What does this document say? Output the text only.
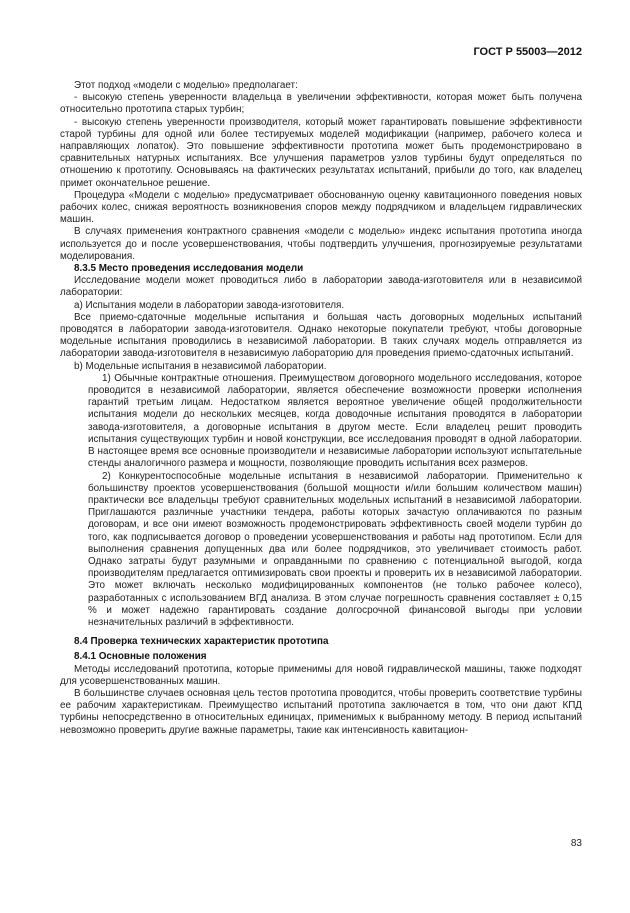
ГОСТ Р 55003—2012

Этот подход «модели с моделью» предполагает:

- высокую степень уверенности владельца в увеличении эффективности, которая может быть получена относительно прототипа старых турбин;

- высокую степень уверенности производителя, который может гарантировать повышение эффективности старой турбины для одной или более тестируемых моделей модификации (например, рабочего колеса и направляющих лопаток). Это повышение эффективности прототипа может быть продемонстрировано в сравнительных натурных испытаниях. Все улучшения параметров узлов турбины будут определяться по отношению к прототипу. Основываясь на фактических результатах испытаний, прибыли до того, как владелец примет окончательное решение.

Процедура «Модели с моделью» предусматривает обоснованную оценку кавитационного поведения новых рабочих колес, снижая вероятность возникновения споров между подрядчиком и владельцем гидравлических машин.

В случаях применения контрактного сравнения «модели с моделью» индекс испытания прототипа иногда используется до и после усовершенствования, чтобы подтвердить улучшения, прогнозируемые результатами моделирования.

8.3.5 Место проведения исследования модели

Исследование модели может проводиться либо в лаборатории завода-изготовителя или в независимой лаборатории:

а) Испытания модели в лаборатории завода-изготовителя.

Все приемо-сдаточные модельные испытания и большая часть договорных модельных испытаний проводятся в лаборатории завода-изготовителя. Однако некоторые покупатели требуют, чтобы договорные модельные испытания проводились в независимой лаборатории. В таких случаях модель отправляется из лаборатории завода-изготовителя в независимую лабораторию для проведения приемо-сдаточных испытаний.

b) Модельные испытания в независимой лаборатории.

1) Обычные контрактные отношения. Преимуществом договорного модельного исследования, которое проводится в независимой лаборатории, является обеспечение возможности проверки исполнения гарантий третьим лицам. Недостатком является вероятное увеличение общей продолжительности испытания модели до нескольких месяцев, когда доводочные испытания проводятся в лаборатории завода-изготовителя, а договорные испытания в другом месте. Если владелец решит проводить испытания существующих турбин и новой конструкции, все исследования проводят в одной лаборатории. В настоящее время все основные производители и независимые лаборатории используют испытательные стенды аналогичного размера и мощности, позволяющие проводить испытания всех размеров.

2) Конкурентоспособные модельные испытания в независимой лаборатории. Применительно к большинству проектов усовершенствования (большой мощности и/или большим количеством машин) практически все владельцы требуют сравнительных модельных испытаний в независимой лаборатории. Приглашаются различные участники тендера, работы которых зачастую оплачиваются по разным договорам, и все они имеют возможность продемонстрировать эффективность своей модели турбин до того, как подписывается договор о проведении усовершенствования и работы над прототипом. Если для выполнения сравнения допущенных два или более подрядчиков, это увеличивает стоимость работ. Однако затраты будут разумными и оправданными по сравнению с потенциальной выгодой, когда производителям предлагается оптимизировать свои проекты и проверить их в независимой лаборатории. Это может включать несколько модифицированных компонентов (не только рабочее колесо), разработанных с использованием ВГД анализа. В этом случае погрешность сравнения составляет ± 0,15 % и может надежно гарантировать создание долгосрочной финансовой выгоды при условии незначительных различий в эффективности.

8.4 Проверка технических характеристик прототипа

8.4.1 Основные положения

Методы исследований прототипа, которые применимы для новой гидравлической машины, также подходят для усовершенствованных машин.

В большинстве случаев основная цель тестов прототипа проводится, чтобы проверить соответствие турбины ее рабочим характеристикам. Преимущество испытаний прототипа заключается в том, что они дают КПД турбины непосредственно в относительных единицах, применимых к выбранному методу. В период испытаний невозможно проверить другие важные параметры, такие как интенсивность кавитацион-

83
